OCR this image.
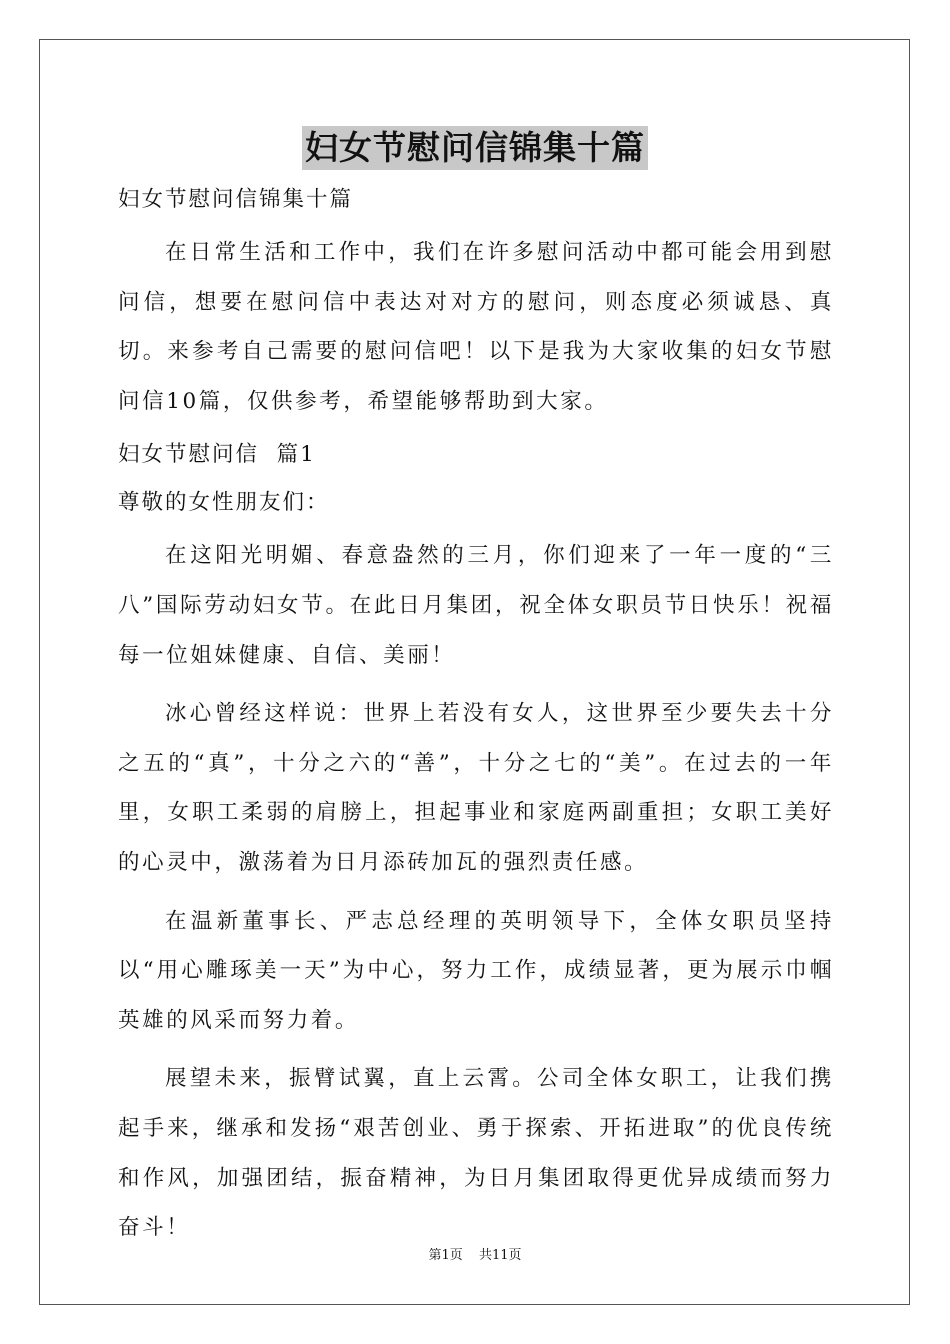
妇女节慰问信锦集十篇

妇女节慰问信锦集十篇

在日常生活和工作中，我们在许多慰问活动中都可能会用到慰问信，想要在慰问信中表达对对方的慰问，则态度必须诚恳、真切。来参考自己需要的慰问信吧！以下是我为大家收集的妇女节慰问信10篇，仅供参考，希望能够帮助到大家。

妇女节慰问信  篇1

尊敬的女性朋友们：

在这阳光明媚、春意盎然的三月，你们迎来了一年一度的“三八”国际劳动妇女节。在此日月集团，祝全体女职员节日快乐！祝福每一位姐妹健康、自信、美丽！

冰心曾经这样说：世界上若没有女人，这世界至少要失去十分之五的“真”，十分之六的“善”，十分之七的“美”。在过去的一年里，女职工柔弱的肩膀上，担起事业和家庭两副重担；女职工美好的心灵中，激荡着为日月添砖加瓦的强烈责任感。

在温新董事长、严志总经理的英明领导下，全体女职员坚持以“用心雕琢美一天”为中心，努力工作，成绩显著，更为展示巾帼英雄的风采而努力着。

展望未来，振臂试翼，直上云霄。公司全体女职工，让我们携起手来，继承和发扬“艰苦创业、勇于探索、开拓进取”的优良传统和作风，加强团结，振奋精神，为日月集团取得更优异成绩而努力奋斗！

第1页 共11页
